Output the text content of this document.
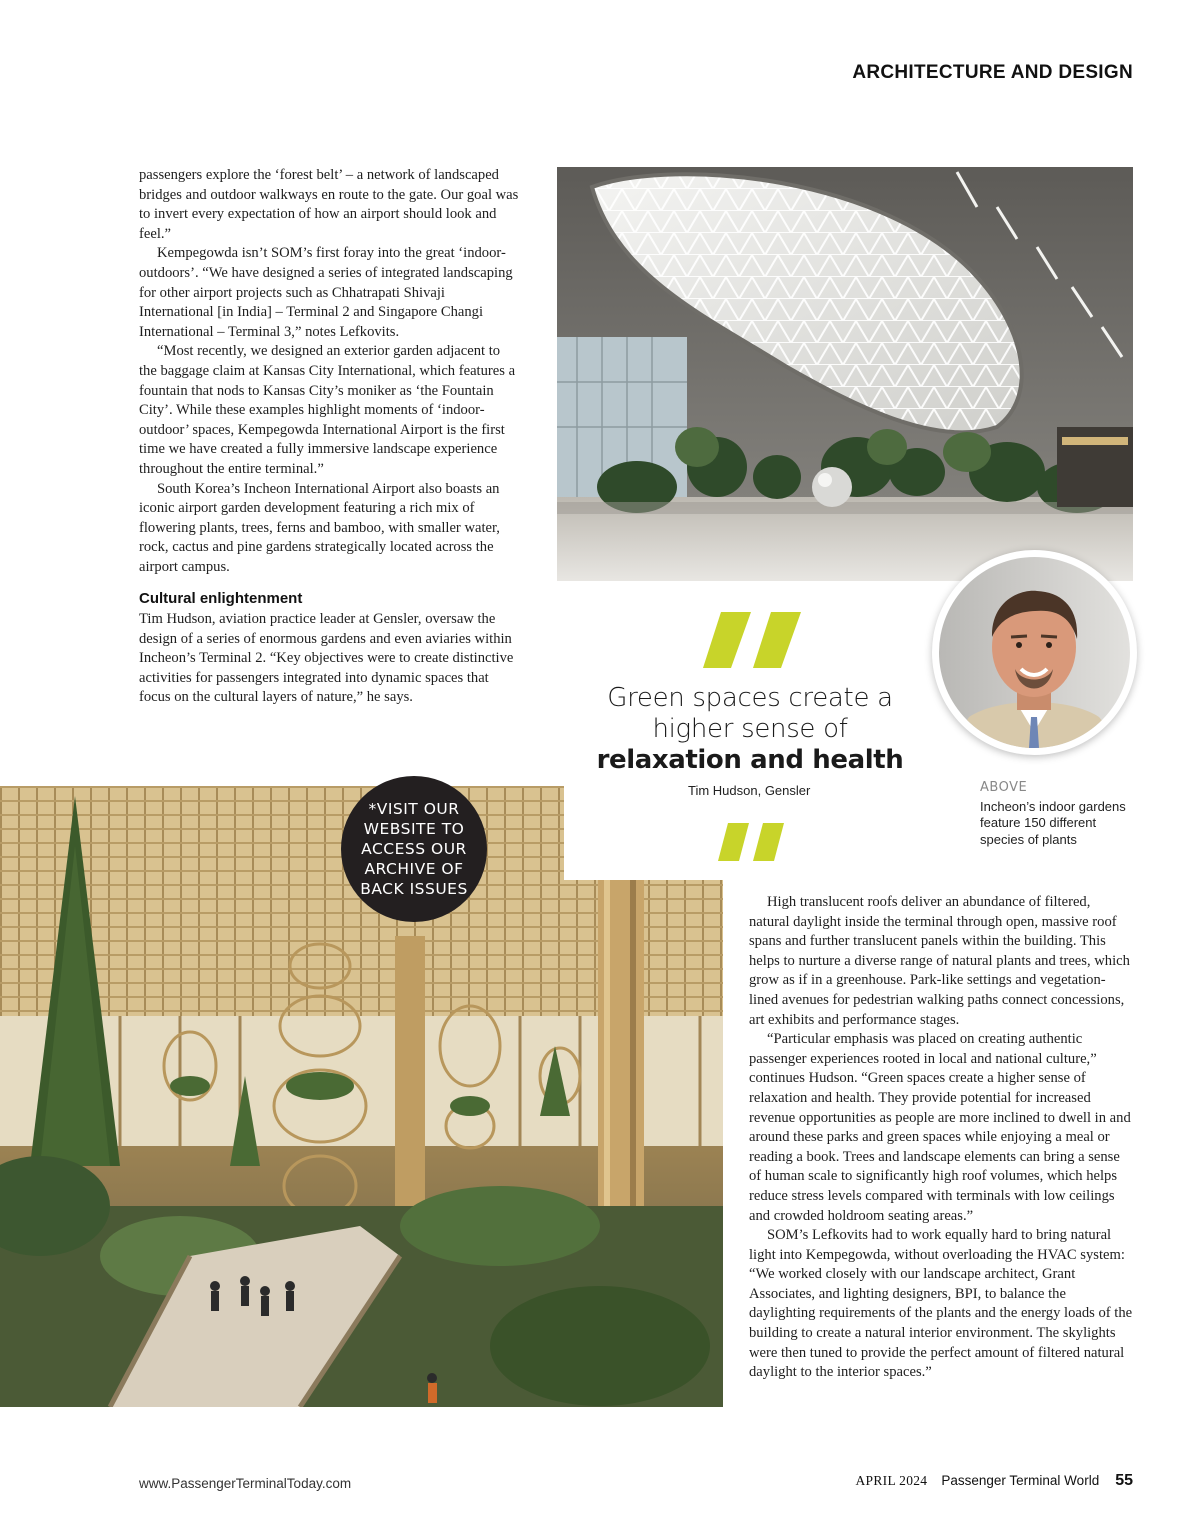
ARCHITECTURE AND DESIGN

passengers explore the ‘forest belt’ – a network of landscaped bridges and outdoor walkways en route to the gate. Our goal was to invert every expectation of how an airport should look and feel.”

Kempegowda isn’t SOM’s first foray into the great ‘indoor-outdoors’. “We have designed a series of integrated landscaping for other airport projects such as Chhatrapati Shivaji International [in India] – Terminal 2 and Singapore Changi International – Terminal 3,” notes Lefkovits.

“Most recently, we designed an exterior garden adjacent to the baggage claim at Kansas City International, which features a fountain that nods to Kansas City’s moniker as ‘the Fountain City’. While these examples highlight moments of ‘indoor-outdoor’ spaces, Kempegowda International Airport is the first time we have created a fully immersive landscape experience throughout the entire terminal.”

South Korea’s Incheon International Airport also boasts an iconic airport garden development featuring a rich mix of flowering plants, trees, ferns and bamboo, with smaller water, rock, cactus and pine gardens strategically located across the airport campus.

Cultural enlightenment

Tim Hudson, aviation practice leader at Gensler, oversaw the design of a series of enormous gardens and even aviaries within Incheon’s Terminal 2. “Key objectives were to create distinctive activities for passengers integrated into dynamic spaces that focus on the cultural layers of nature,” he says.

*VISIT OUR WEBSITE TO ACCESS OUR ARCHIVE OF BACK ISSUES
Green spaces create a higher sense of
relaxation and health
Tim Hudson, Gensler	ABOVE
Incheon’s indoor gardens feature 150 different species of plants

High translucent roofs deliver an abundance of filtered, natural daylight inside the terminal through open, massive roof spans and further translucent panels within the building. This helps to nurture a diverse range of natural plants and trees, which grow as if in a greenhouse. Park-like settings and vegetation-lined avenues for pedestrian walking paths connect concessions, art exhibits and performance stages.

“Particular emphasis was placed on creating authentic passenger experiences rooted in local and national culture,” continues Hudson. “Green spaces create a higher sense of relaxation and health. They provide potential for increased revenue opportunities as people are more inclined to dwell in and around these parks and green spaces while enjoying a meal or reading a book. Trees and landscape elements can bring a sense of human scale to significantly high roof volumes, which helps reduce stress levels compared with terminals with low ceilings and crowded holdroom seating areas.”

SOM’s Lefkovits had to work equally hard to bring natural light into Kempegowda, without overloading the HVAC system: “We worked closely with our landscape architect, Grant Associates, and lighting designers, BPI, to balance the daylighting requirements of the plants and the energy loads of the building to create a natural interior environment. The skylights were then tuned to provide the perfect amount of filtered natural daylight to the interior spaces.”

www.PassengerTerminalToday.com	APRIL 2024 Passenger Terminal World 55
